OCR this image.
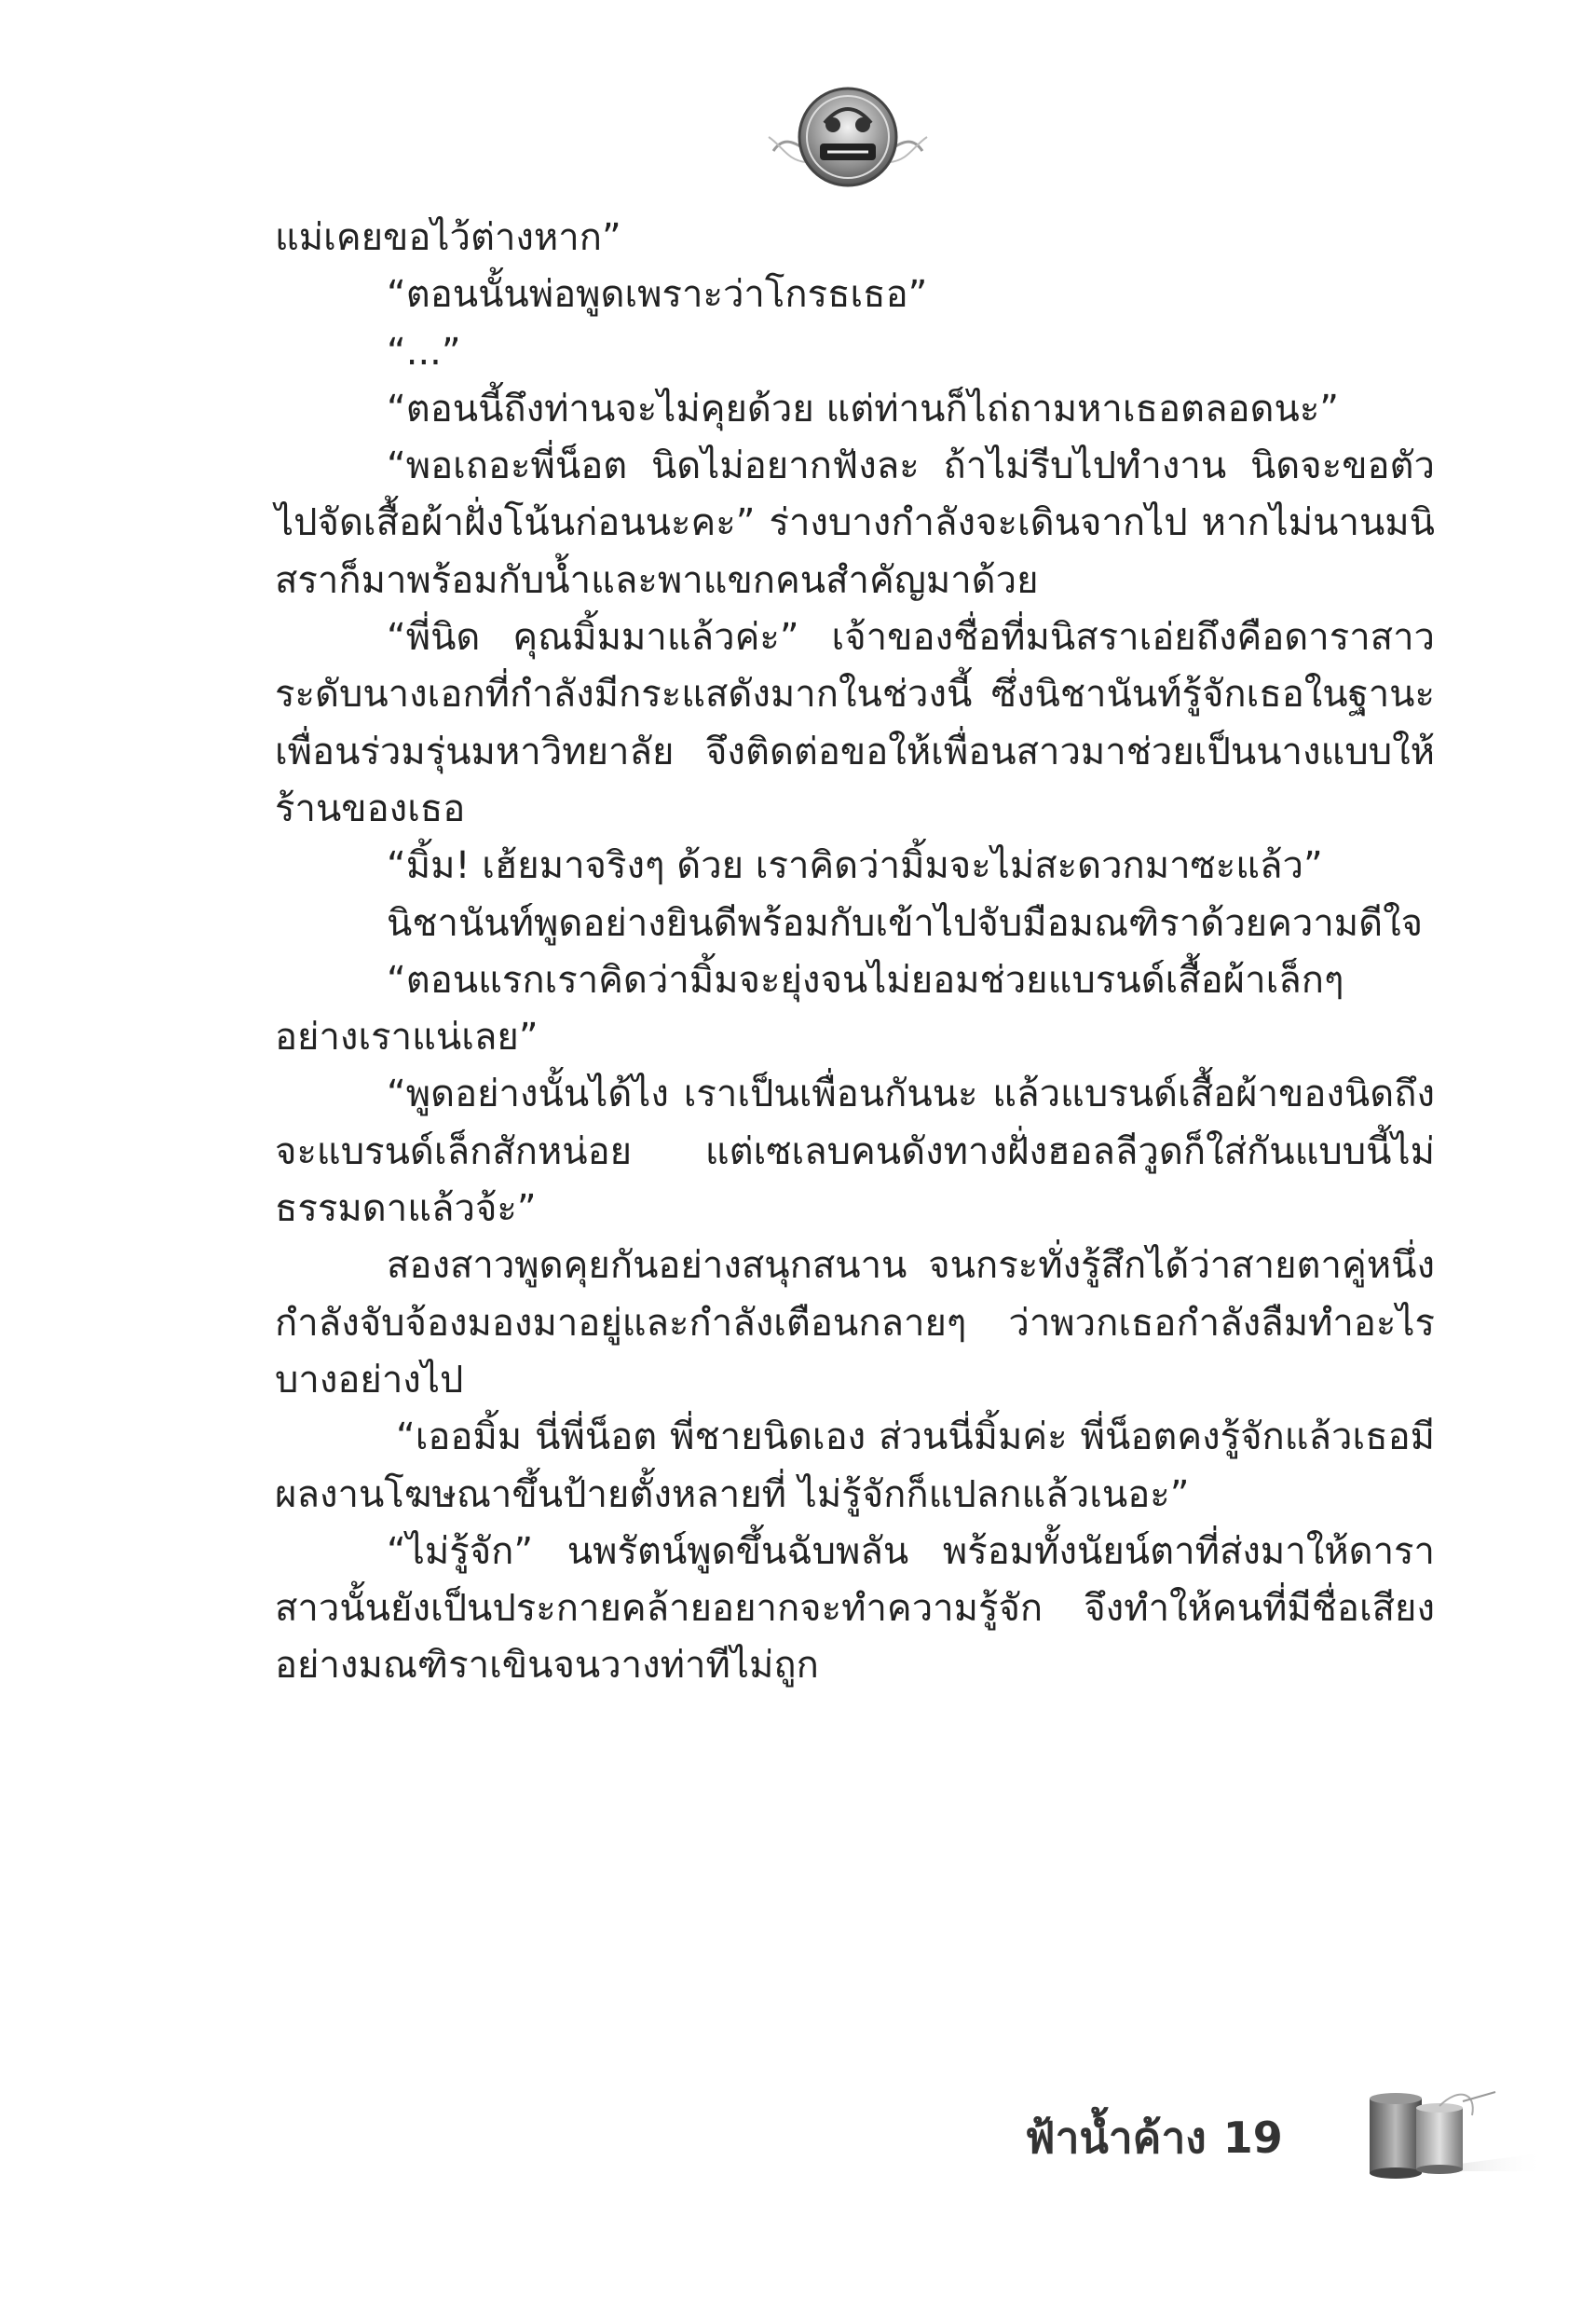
แม่เคยขอไว้ต่างหาก”

“ตอนนั้นพ่อพูดเพราะว่าโกรธเธอ”

“...”

“ตอนนี้ถึงท่านจะไม่คุยด้วย แต่ท่านก็ไถ่ถามหาเธอตลอดนะ”

“พอเถอะพี่น็อต นิดไม่อยากฟังละ ถ้าไม่รีบไปทำงาน นิดจะขอตัวไปจัดเสื้อผ้าฝั่งโน้นก่อนนะคะ” ร่างบางกำลังจะเดินจากไป หากไม่นานมนิสราก็มาพร้อมกับน้ำและพาแขกคนสำคัญมาด้วย

“พี่นิด คุณมิ้มมาแล้วค่ะ” เจ้าของชื่อที่มนิสราเอ่ยถึงคือดาราสาวระดับนางเอกที่กำลังมีกระแสดังมากในช่วงนี้ ซึ่งนิชานันท์รู้จักเธอในฐานะเพื่อนร่วมรุ่นมหาวิทยาลัย จึงติดต่อขอให้เพื่อนสาวมาช่วยเป็นนางแบบให้ร้านของเธอ

“มิ้ม! เฮ้ยมาจริงๆ ด้วย เราคิดว่ามิ้มจะไม่สะดวกมาซะแล้ว”

นิชานันท์พูดอย่างยินดีพร้อมกับเข้าไปจับมือมณฑิราด้วยความดีใจ

“ตอนแรกเราคิดว่ามิ้มจะยุ่งจนไม่ยอมช่วยแบรนด์เสื้อผ้าเล็กๆ อย่างเราแน่เลย”

“พูดอย่างนั้นได้ไง เราเป็นเพื่อนกันนะ แล้วแบรนด์เสื้อผ้าของนิดถึงจะแบรนด์เล็กสักหน่อย แต่เซเลบคนดังทางฝั่งฮอลลีวูดก็ใส่กันแบบนี้ไม่ธรรมดาแล้วจ้ะ”

สองสาวพูดคุยกันอย่างสนุกสนาน จนกระทั่งรู้สึกได้ว่าสายตาคู่หนึ่งกำลังจับจ้องมองมาอยู่และกำลังเตือนกลายๆ ว่าพวกเธอกำลังลืมทำอะไรบางอย่างไป

“เออมิ้ม นี่พี่น็อต พี่ชายนิดเอง ส่วนนี่มิ้มค่ะ พี่น็อตคงรู้จักแล้วเธอมีผลงานโฆษณาขึ้นป้ายตั้งหลายที่ ไม่รู้จักก็แปลกแล้วเนอะ”

“ไม่รู้จัก” นพรัตน์พูดขึ้นฉับพลัน พร้อมทั้งนัยน์ตาที่ส่งมาให้ดาราสาวนั้นยังเป็นประกายคล้ายอยากจะทำความรู้จัก จึงทำให้คนที่มีชื่อเสียงอย่างมณฑิราเขินจนวางท่าทีไม่ถูก

ฟ้าน้ำค้าง 19
